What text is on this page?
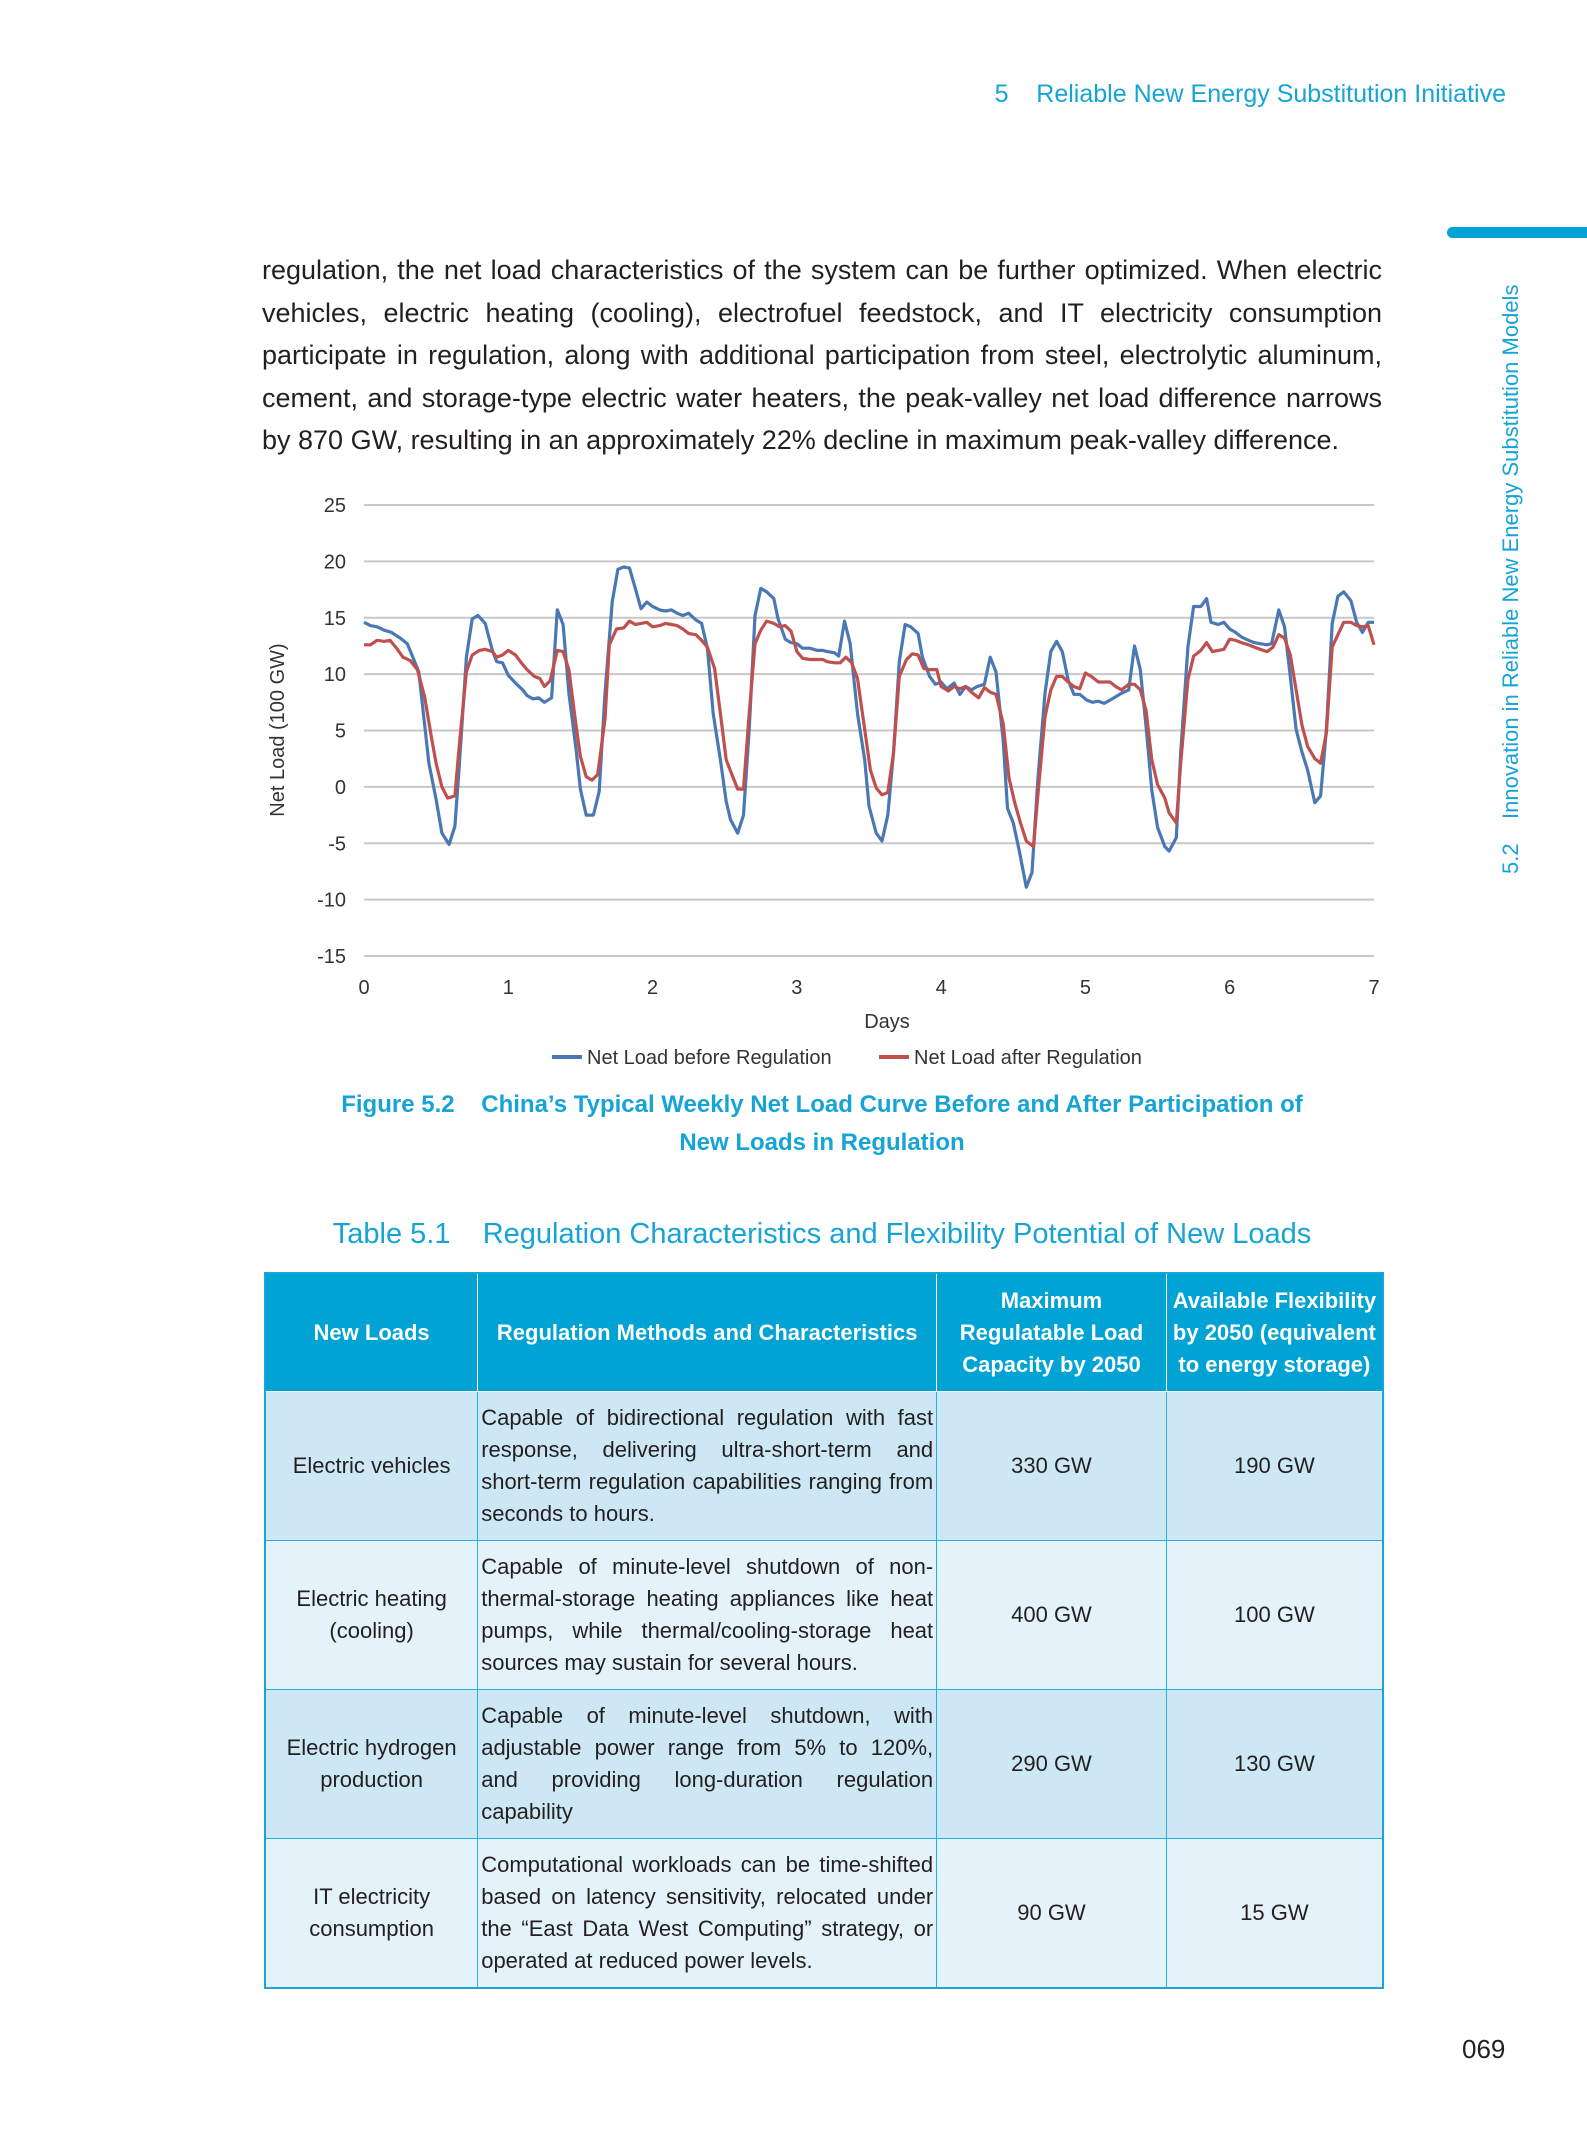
5    Reliable New Energy Substitution Initiative
5.2    Innovation in Reliable New Energy Substitution Models

regulation, the net load characteristics of the system can be further optimized. When electric vehicles, electric heating (cooling), electrofuel feedstock, and IT electricity consumption participate in regulation, along with additional participation from steel, electrolytic aluminum, cement, and storage-type electric water heaters, the peak-valley net load difference narrows by 870 GW, resulting in an approximately 22% decline in maximum peak-valley difference.

25
20
15
10
5
0
-5
-10
-15
0	1	2	3	4	5	6	7
Days
Net Load (100 GW)
Net Load before Regulation	Net Load after Regulation
Figure 5.2    China’s Typical Weekly Net Load Curve Before and After Participation of
New Loads in Regulation
Table 5.1    Regulation Characteristics and Flexibility Potential of New Loads
New Loads	Regulation Methods and Characteristics	Maximum Regulatable Load Capacity by 2050	Available Flexibility by 2050 (equivalent to energy storage)
Electric vehicles	Capable of bidirectional regulation with fast response, delivering ultra-short-term and short-term regulation capabilities ranging from seconds to hours.	330 GW	190 GW
Electric heating (cooling)	Capable of minute-level shutdown of non-thermal-storage heating appliances like heat pumps, while thermal/cooling-storage heat sources may sustain for several hours.	400 GW	100 GW
Electric hydrogen production	Capable of minute-level shutdown, with adjustable power range from 5% to 120%, and providing long-duration regulation capability	290 GW	130 GW
IT electricity consumption	Computational workloads can be time-shifted based on latency sensitivity, relocated under the “East Data West Computing” strategy, or operated at reduced power levels.	90 GW	15 GW
069
